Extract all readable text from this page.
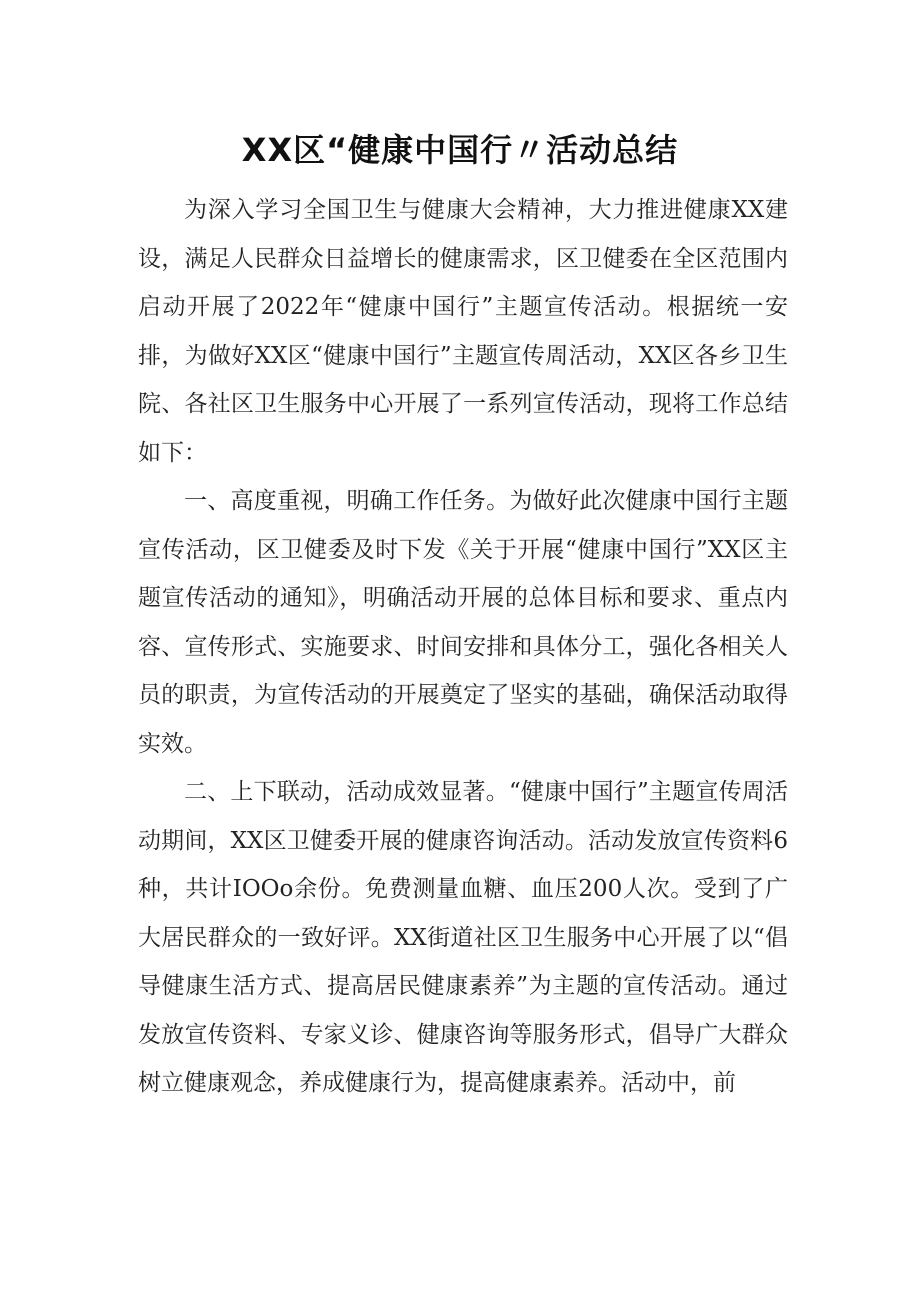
XX区“健康中国行〃活动总结

为深入学习全国卫生与健康大会精神，大力推进健康XX建设，满足人民群众日益增长的健康需求，区卫健委在全区范围内启动开展了2022年“健康中国行”主题宣传活动。根据统一安排，为做好XX区“健康中国行”主题宣传周活动，XX区各乡卫生院、各社区卫生服务中心开展了一系列宣传活动，现将工作总结如下：

一、高度重视，明确工作任务。为做好此次健康中国行主题宣传活动，区卫健委及时下发《关于开展“健康中国行”XX区主题宣传活动的通知》，明确活动开展的总体目标和要求、重点内容、宣传形式、实施要求、时间安排和具体分工，强化各相关人员的职责，为宣传活动的开展奠定了坚实的基础，确保活动取得实效。

二、上下联动，活动成效显著。“健康中国行”主题宣传周活动期间，XX区卫健委开展的健康咨询活动。活动发放宣传资料6种，共计IOOo余份。免费测量血糖、血压200人次。受到了广大居民群众的一致好评。XX街道社区卫生服务中心开展了以“倡导健康生活方式、提高居民健康素养”为主题的宣传活动。通过发放宣传资料、专家义诊、健康咨询等服务形式，倡导广大群众树立健康观念，养成健康行为，提高健康素养。活动中，前
